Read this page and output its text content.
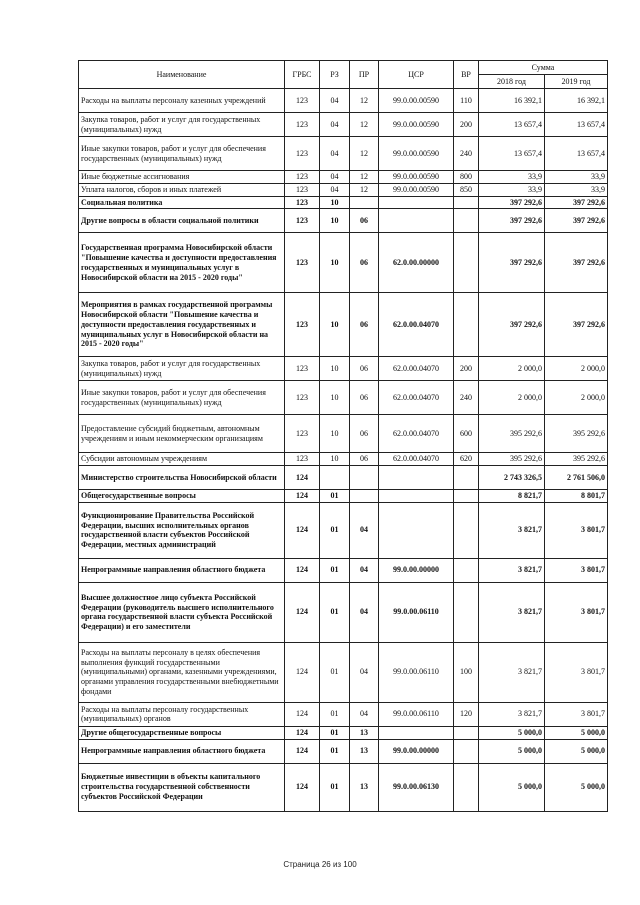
Наименование	ГРБС	РЗ	ПР	ЦСР	ВР	Сумма	
						2018 год	2019 год
Расходы на выплаты персоналу казенных учреждений	123	04	12	99.0.00.00590	110	16 392,1	16 392,1
Закупка товаров, работ и услуг для государственных (муниципальных) нужд	123	04	12	99.0.00.00590	200	13 657,4	13 657,4
Иные закупки товаров, работ и услуг для обеспечения государственных (муниципальных) нужд	123	04	12	99.0.00.00590	240	13 657,4	13 657,4
Иные бюджетные ассигнования	123	04	12	99.0.00.00590	800	33,9	33,9
Уплата налогов, сборов и иных платежей	123	04	12	99.0.00.00590	850	33,9	33,9
Социальная политика	123	10				397 292,6	397 292,6
Другие вопросы в области социальной политики	123	10	06			397 292,6	397 292,6
Государственная программа Новосибирской области "Повышение качества и доступности предоставления государственных и муниципальных услуг в Новосибирской области на 2015 - 2020 годы"	123	10	06	62.0.00.00000		397 292,6	397 292,6
Мероприятия в рамках государственной программы Новосибирской области "Повышение качества и доступности предоставления государственных и муниципальных услуг в Новосибирской области на 2015 - 2020 годы"	123	10	06	62.0.00.04070		397 292,6	397 292,6
Закупка товаров, работ и услуг для государственных (муниципальных) нужд	123	10	06	62.0.00.04070	200	2 000,0	2 000,0
Иные закупки товаров, работ и услуг для обеспечения государственных (муниципальных) нужд	123	10	06	62.0.00.04070	240	2 000,0	2 000,0
Предоставление субсидий бюджетным, автономным учреждениям и иным некоммерческим организациям	123	10	06	62.0.00.04070	600	395 292,6	395 292,6
Субсидии автономным учреждениям	123	10	06	62.0.00.04070	620	395 292,6	395 292,6
Министерство строительства Новосибирской области	124					2 743 326,5	2 761 506,0
Общегосударственные вопросы	124	01				8 821,7	8 801,7
Функционирование Правительства Российской Федерации, высших исполнительных органов государственной власти субъектов Российской Федерации, местных администраций	124	01	04			3 821,7	3 801,7
Непрограммные направления областного бюджета	124	01	04	99.0.00.00000		3 821,7	3 801,7
Высшее должностное лицо субъекта Российской Федерации (руководитель высшего исполнительного органа государственной власти субъекта Российской Федерации) и его заместители	124	01	04	99.0.00.06110		3 821,7	3 801,7
Расходы на выплаты персоналу в целях обеспечения выполнения функций государственными (муниципальными) органами, казенными учреждениями, органами управления государственными внебюджетными фондами	124	01	04	99.0.00.06110	100	3 821,7	3 801,7
Расходы на выплаты персоналу государственных (муниципальных) органов	124	01	04	99.0.00.06110	120	3 821,7	3 801,7
Другие общегосударственные вопросы	124	01	13			5 000,0	5 000,0
Непрограммные направления областного бюджета	124	01	13	99.0.00.00000		5 000,0	5 000,0
Бюджетные инвестиции в объекты капитального строительства государственной собственности субъектов Российской Федерации	124	01	13	99.0.00.06130		5 000,0	5 000,0
Страница 26 из 100
